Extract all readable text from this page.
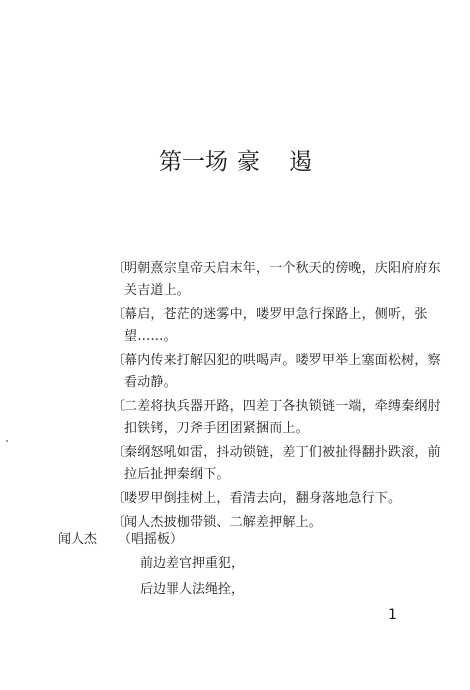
第一场 豪 遏
〔
明朝熹宗皇帝天启末年，一个秋天的傍晚，庆阳府府东关吉道上。
〔
幕启，苍茫的迷雾中，喽罗甲急行探路上，侧听，张望……。
〔
幕内传来打解囚犯的哄喝声。喽罗甲举上塞面松树，察看动静。
〔
二差将执兵器开路，四差丁各执锁链一端，牵缚秦纲肘扣铁铐，刀斧手团团紧捆而上。
〔
秦纲怒吼如雷，抖动锁链，差丁们被扯得翻扑跌滚，前拉后扯押秦纲下。
〔
喽罗甲倒挂树上，看清去向，翻身落地急行下。
〔
闻人杰披枷带锁、二解差押解上。
闻人杰 （唱摇板）
前边差官押重犯，
后边罪人法绳拴，
1
